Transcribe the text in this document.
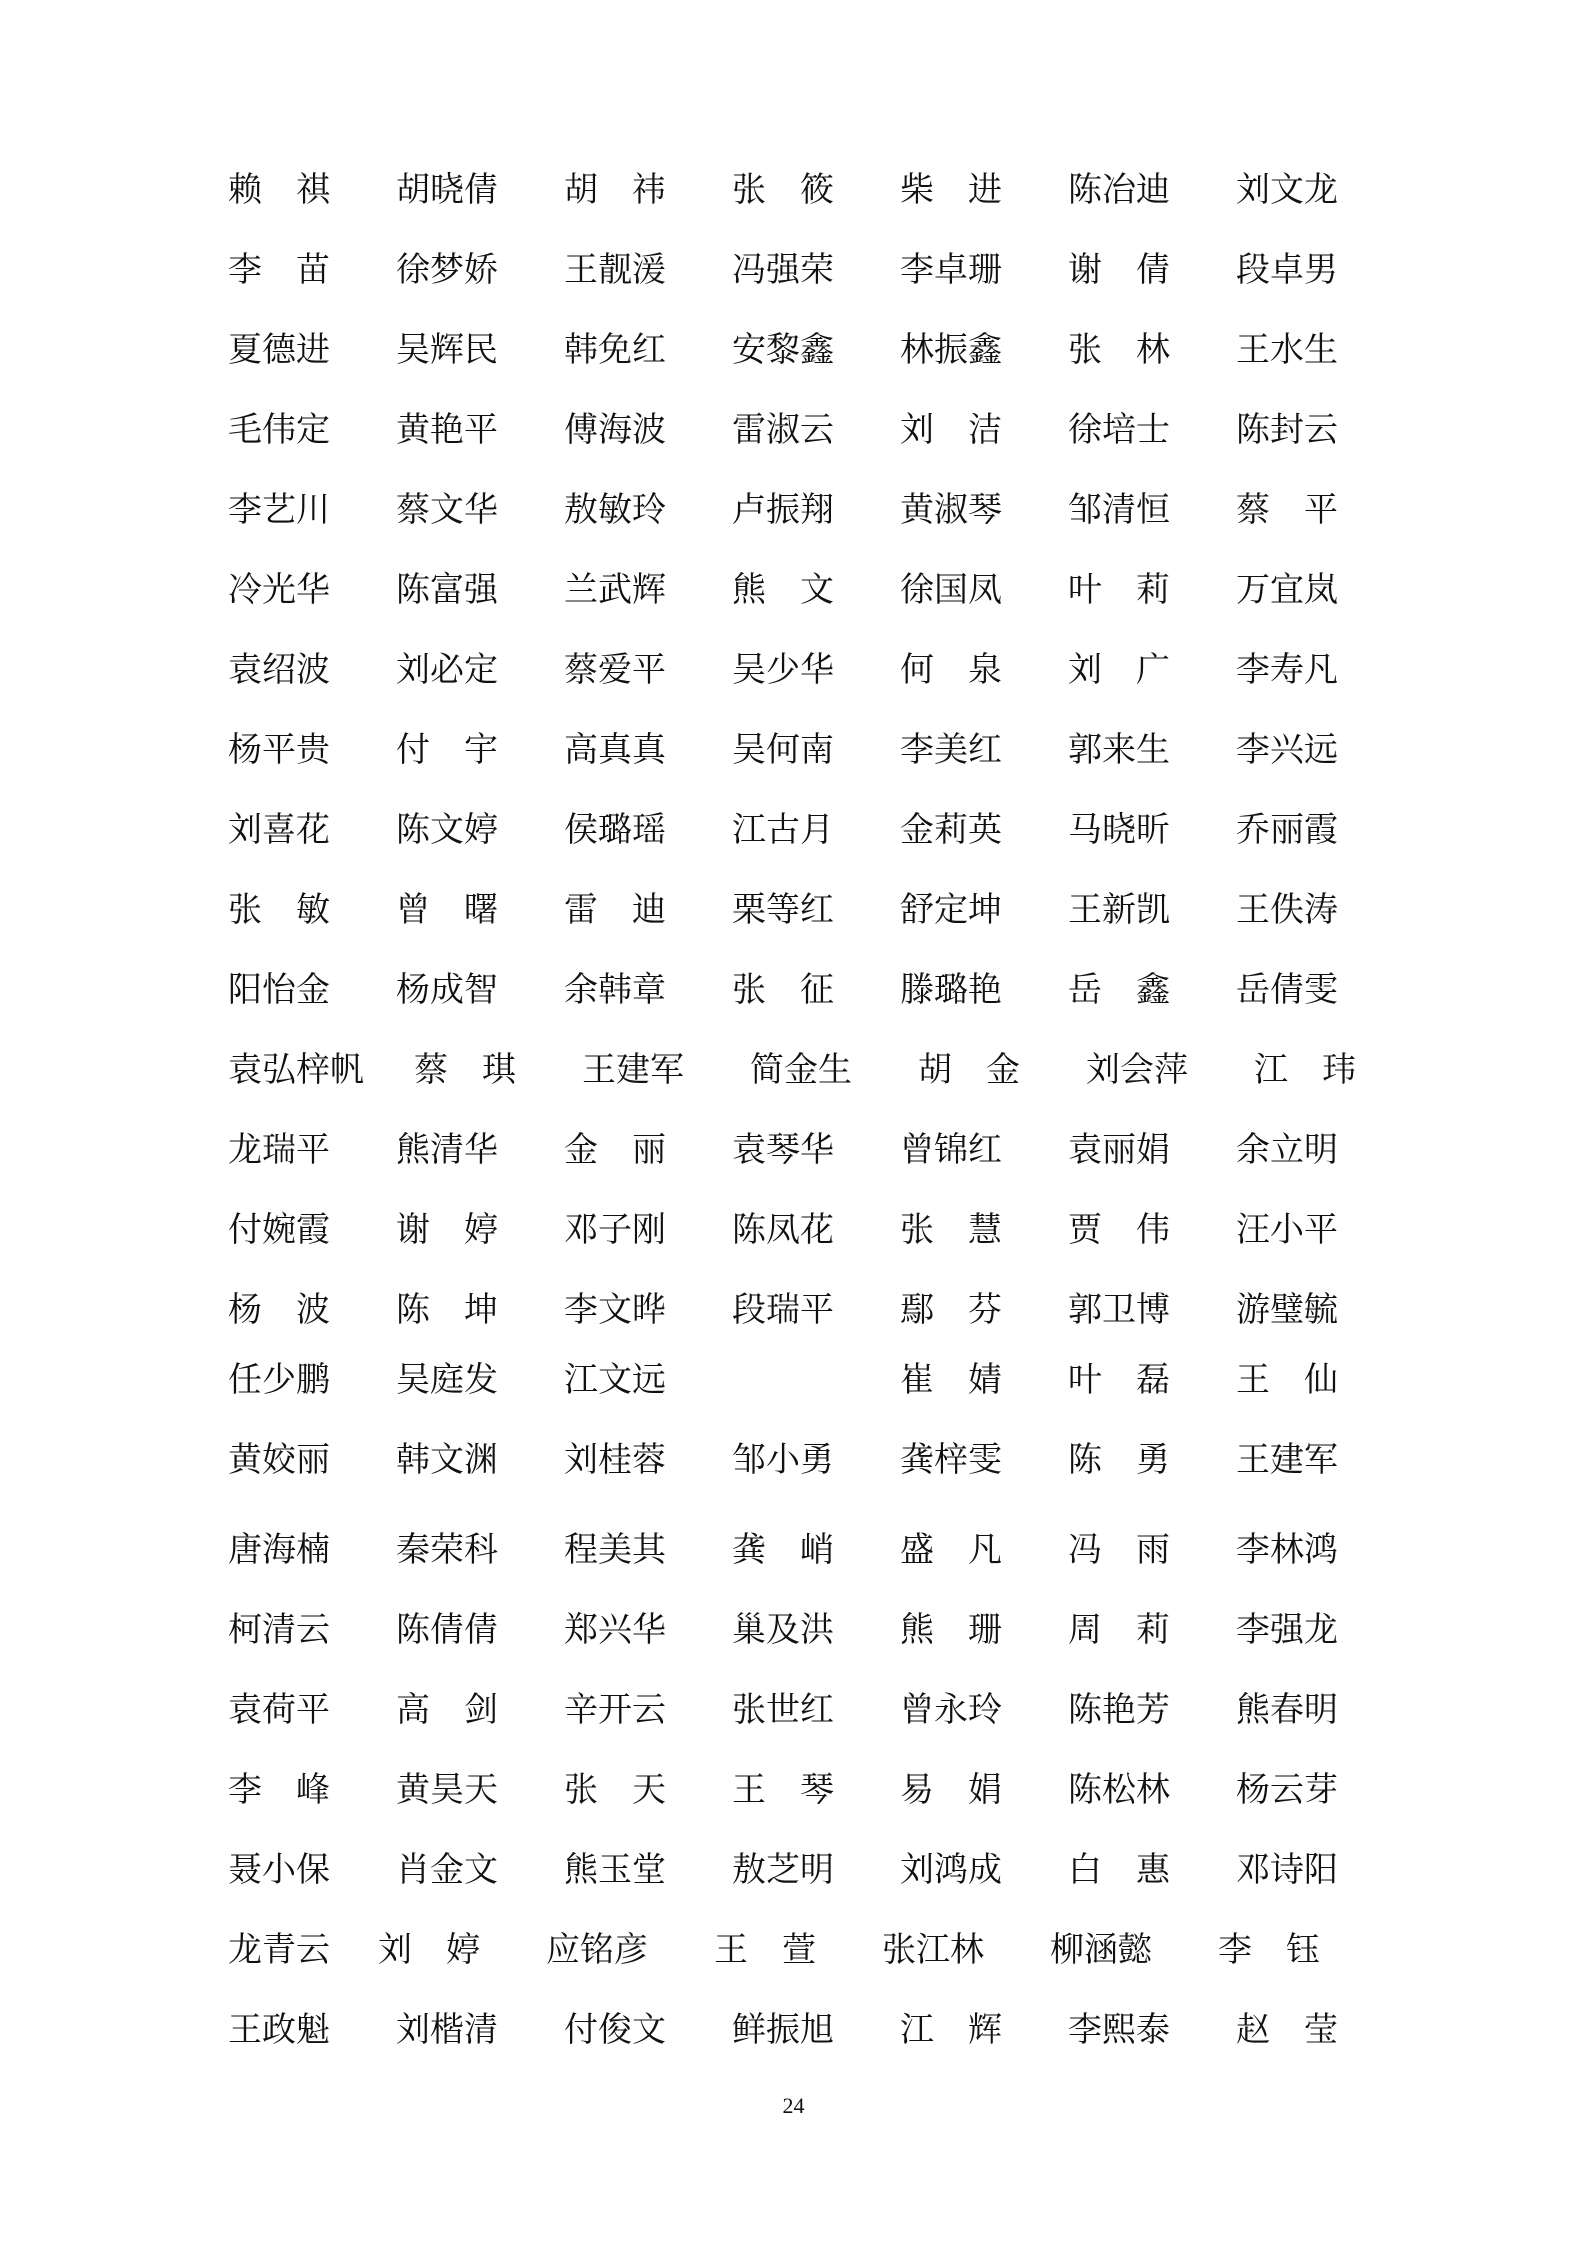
赖　祺 胡晓倩 胡　祎 张　筱 柴　进 陈冶迪 刘文龙
李　苗 徐梦娇 王靓湲 冯强荣 李卓珊 谢　倩 段卓男
夏德进 吴辉民 韩免红 安黎鑫 林振鑫 张　林 王水生
毛伟定 黄艳平 傅海波 雷淑云 刘　洁 徐培士 陈封云
李艺川 蔡文华 敖敏玲 卢振翔 黄淑琴 邹清恒 蔡　平
冷光华 陈富强 兰武辉 熊　文 徐国凤 叶　莉 万宜岚
袁绍波 刘必定 蔡爱平 吴少华 何　泉 刘　广 李寿凡
杨平贵 付　宇 高真真 吴何南 李美红 郭来生 李兴远
刘喜花 陈文婷 侯璐瑶 江古月 金莉英 马晓昕 乔丽霞
张　敏 曾　曙 雷　迪 栗等红 舒定坤 王新凯 王佚涛
阳怡金 杨成智 余韩章 张　征 滕璐艳 岳　鑫 岳倩雯
袁弘梓帆 蔡　琪 王建军 简金生 胡　金 刘会萍 江　玮
龙瑞平 熊清华 金　丽 袁琴华 曾锦红 袁丽娟 余立明
付婉霞 谢　婷 邓子刚 陈凤花 张　慧 贾　伟 汪小平
杨　波 陈　坤 李文晔 段瑞平 鄢　芬 郭卫博 游璧毓
任少鹏 吴庭发 江文远	崔　婧 叶　磊 王　仙
黄姣丽 韩文渊 刘桂蓉 邹小勇 龚梓雯 陈　勇 王建军
唐海楠 秦荣科 程美其 龚　峭 盛　凡 冯　雨 李林鸿
柯清云 陈倩倩 郑兴华 巢及洪 熊　珊 周　莉 李强龙
袁荷平 高　剑 辛开云 张世红 曾永玲 陈艳芳 熊春明
李　峰 黄昊天 张　天 王　琴 易　娟 陈松林 杨云芽
聂小保 肖金文 熊玉堂 敖芝明 刘鸿成 白　惠 邓诗阳
龙青云 刘　婷 应铭彦 王　萱 张江林 柳涵懿 李　钰
王政魁 刘楷清 付俊文 鲜振旭 江　辉 李熙泰 赵　莹
24
